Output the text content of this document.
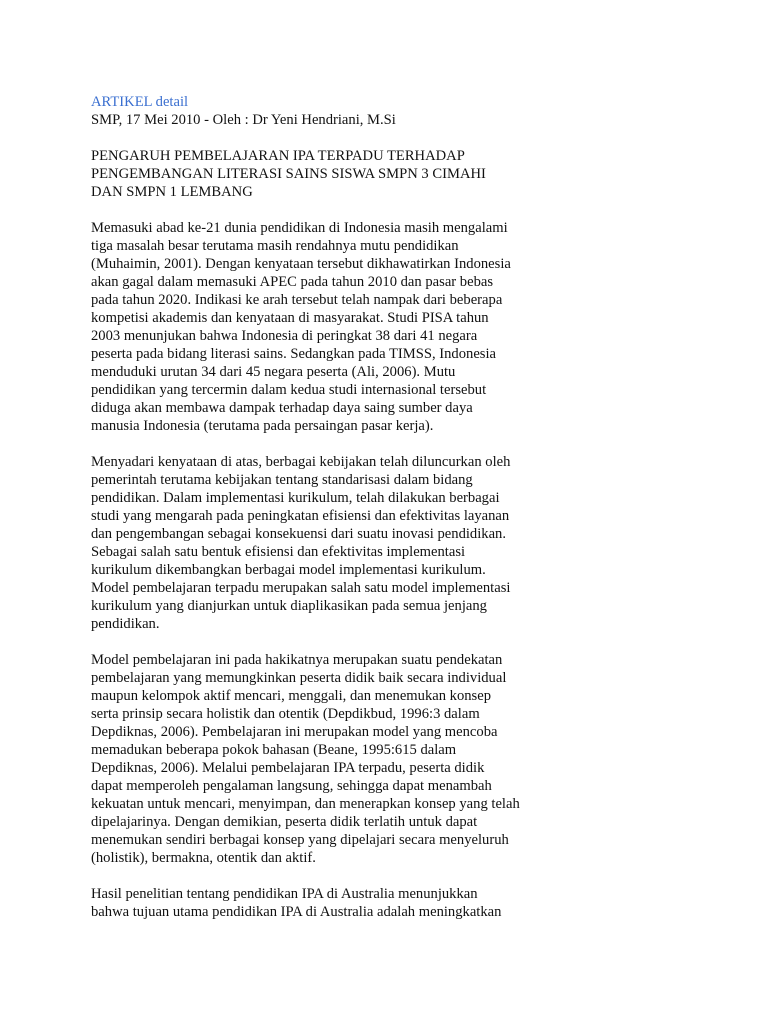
ARTIKEL detail
SMP, 17 Mei 2010 - Oleh : Dr Yeni Hendriani, M.Si
PENGARUH PEMBELAJARAN IPA TERPADU TERHADAP
PENGEMBANGAN LITERASI SAINS SISWA SMPN 3 CIMAHI
DAN SMPN 1 LEMBANG
Memasuki abad ke-21 dunia pendidikan di Indonesia masih mengalami
tiga masalah besar terutama masih rendahnya mutu pendidikan
(Muhaimin, 2001). Dengan kenyataan tersebut dikhawatirkan Indonesia
akan gagal dalam memasuki APEC pada tahun 2010 dan pasar bebas
pada tahun 2020. Indikasi ke arah tersebut telah nampak dari beberapa
kompetisi akademis dan kenyataan di masyarakat. Studi PISA tahun
2003 menunjukan bahwa Indonesia di peringkat 38 dari 41 negara
peserta pada bidang literasi sains. Sedangkan pada TIMSS, Indonesia
menduduki urutan 34 dari 45 negara peserta (Ali, 2006). Mutu
pendidikan yang tercermin dalam kedua studi internasional tersebut
diduga akan membawa dampak terhadap daya saing sumber daya
manusia Indonesia (terutama pada persaingan pasar kerja).
Menyadari kenyataan di atas, berbagai kebijakan telah diluncurkan oleh
pemerintah terutama kebijakan tentang standarisasi dalam bidang
pendidikan. Dalam implementasi kurikulum, telah dilakukan berbagai
studi yang mengarah pada peningkatan efisiensi dan efektivitas layanan
dan pengembangan sebagai konsekuensi dari suatu inovasi pendidikan.
Sebagai salah satu bentuk efisiensi dan efektivitas implementasi
kurikulum dikembangkan berbagai model implementasi kurikulum.
Model pembelajaran terpadu merupakan salah satu model implementasi
kurikulum yang dianjurkan untuk diaplikasikan pada semua jenjang
pendidikan.
Model pembelajaran ini pada hakikatnya merupakan suatu pendekatan
pembelajaran yang memungkinkan peserta didik baik secara individual
maupun kelompok aktif mencari, menggali, dan menemukan konsep
serta prinsip secara holistik dan otentik (Depdikbud, 1996:3 dalam
Depdiknas, 2006). Pembelajaran ini merupakan model yang mencoba
memadukan beberapa pokok bahasan (Beane, 1995:615 dalam
Depdiknas, 2006). Melalui pembelajaran IPA terpadu, peserta didik
dapat memperoleh pengalaman langsung, sehingga dapat menambah
kekuatan untuk mencari, menyimpan, dan menerapkan konsep yang telah
dipelajarinya. Dengan demikian, peserta didik terlatih untuk dapat
menemukan sendiri berbagai konsep yang dipelajari secara menyeluruh
(holistik), bermakna, otentik dan aktif.
Hasil penelitian tentang pendidikan IPA di Australia menunjukkan
bahwa tujuan utama pendidikan IPA di Australia adalah meningkatkan
